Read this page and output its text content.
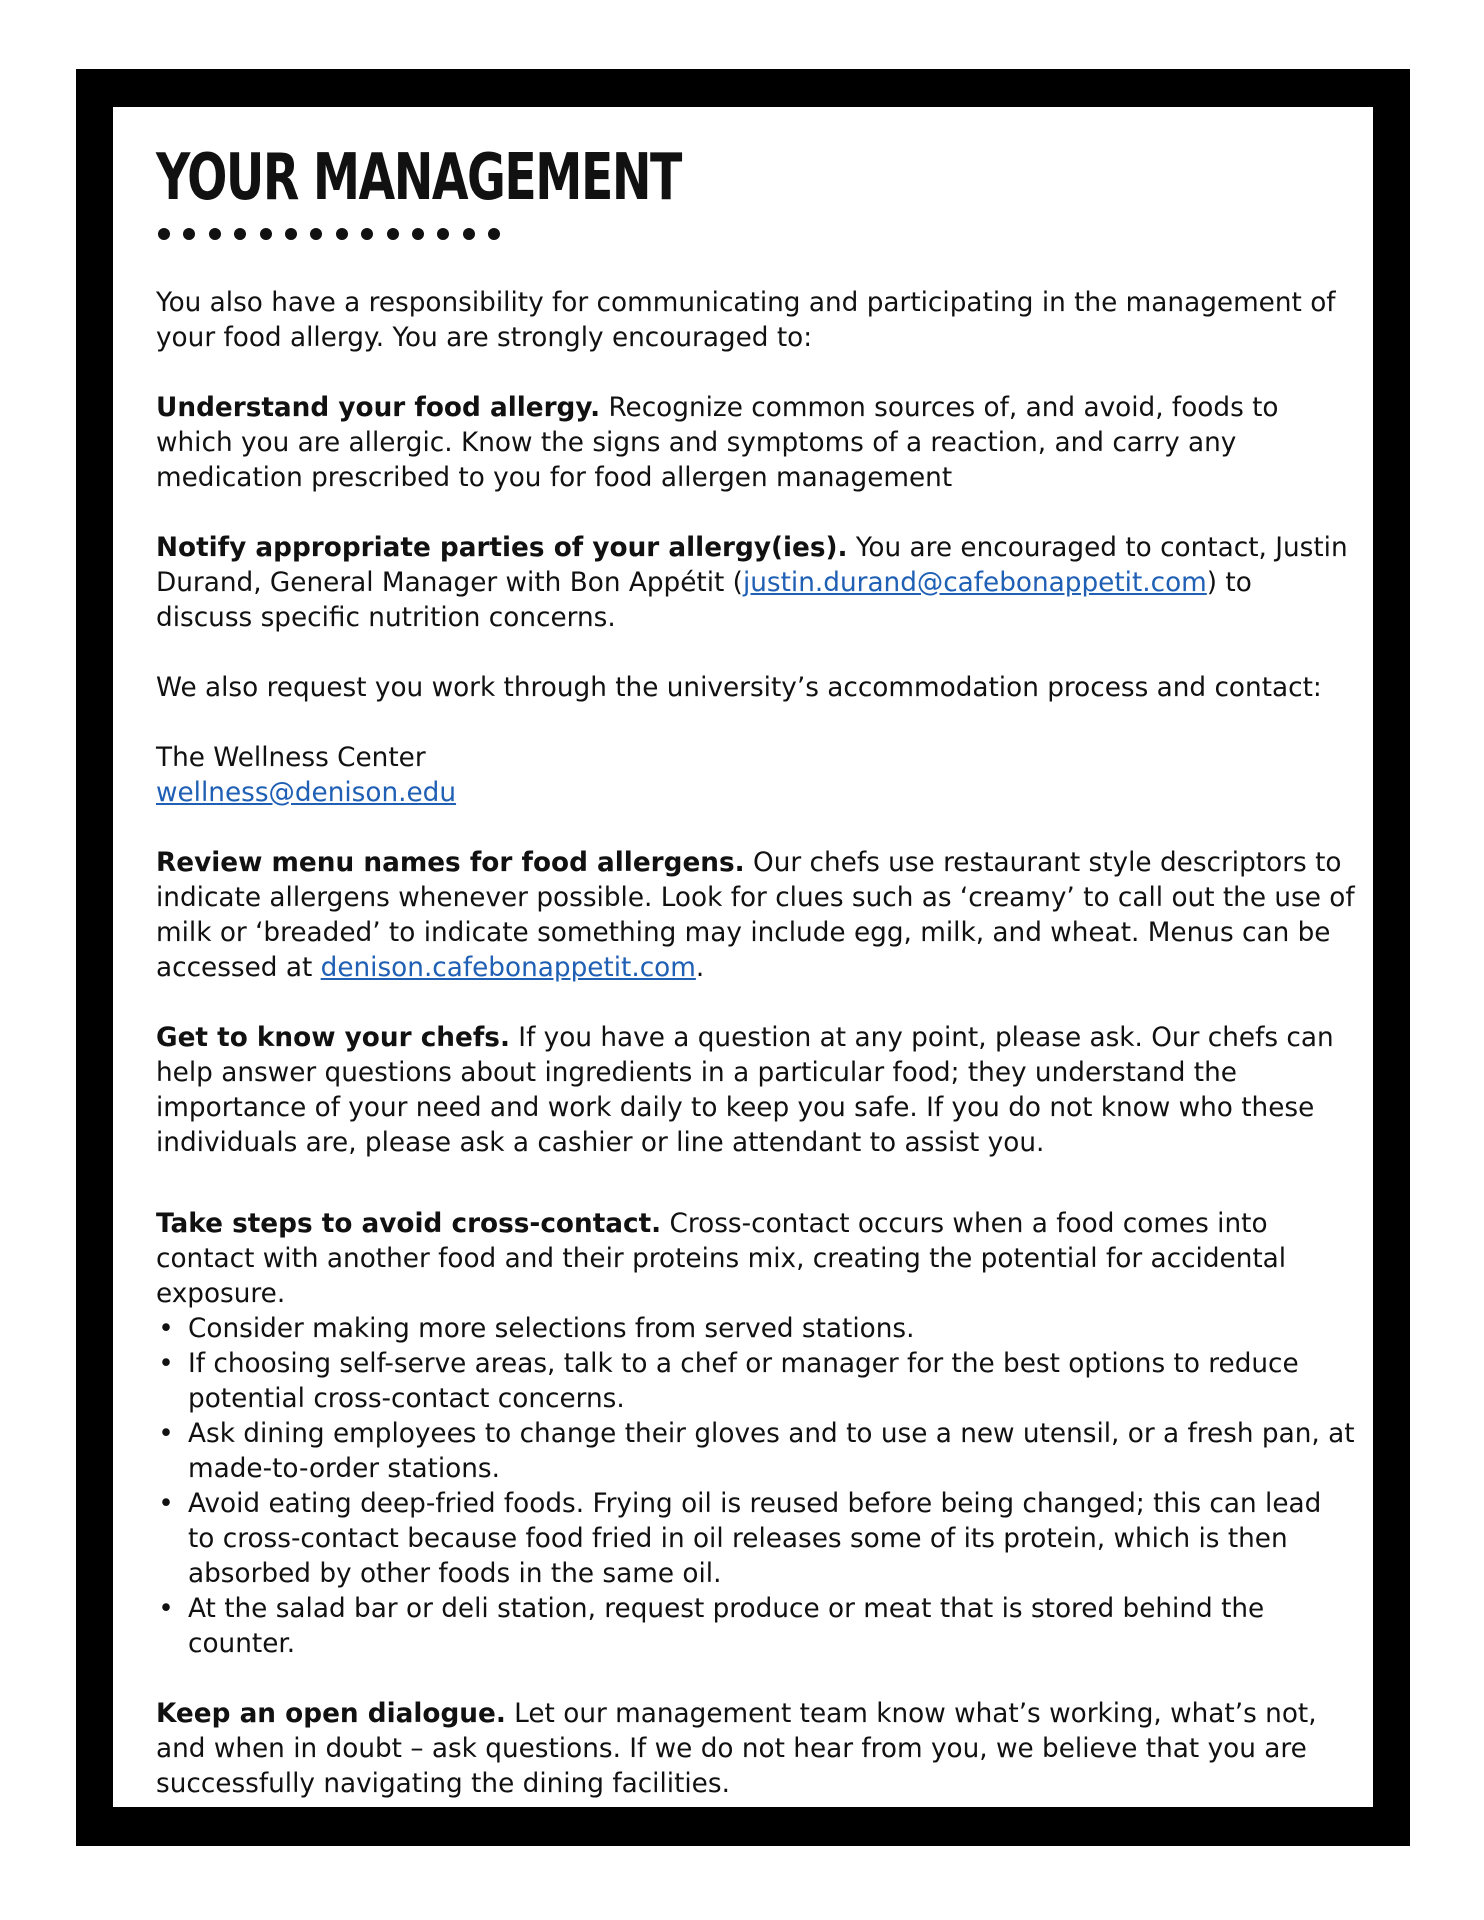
YOUR MANAGEMENT

You also have a responsibility for communicating and participating in the management of your food allergy. You are strongly encouraged to:

Understand your food allergy. Recognize common sources of, and avoid, foods to which you are allergic. Know the signs and symptoms of a reaction, and carry any medication prescribed to you for food allergen management

Notify appropriate parties of your allergy(ies). You are encouraged to contact, Justin Durand, General Manager with Bon Appétit (justin.durand@cafebonappetit.com) to discuss specific nutrition concerns.

We also request you work through the university’s accommodation process and contact:

The Wellness Center

wellness@denison.edu

Review menu names for food allergens. Our chefs use restaurant style descriptors to indicate allergens whenever possible. Look for clues such as ‘creamy’ to call out the use of milk or ‘breaded’ to indicate something may include egg, milk, and wheat. Menus can be accessed at denison.cafebonappetit.com.

Get to know your chefs. If you have a question at any point, please ask. Our chefs can help answer questions about ingredients in a particular food; they understand the importance of your need and work daily to keep you safe. If you do not know who these individuals are, please ask a cashier or line attendant to assist you.

Take steps to avoid cross-contact. Cross-contact occurs when a food comes into contact with another food and their proteins mix, creating the potential for accidental exposure.

• Consider making more selections from served stations.
• If choosing self-serve areas, talk to a chef or manager for the best options to reduce potential cross-contact concerns.
• Ask dining employees to change their gloves and to use a new utensil, or a fresh pan, at made-to-order stations.
• Avoid eating deep-fried foods. Frying oil is reused before being changed; this can lead to cross-contact because food fried in oil releases some of its protein, which is then absorbed by other foods in the same oil.
• At the salad bar or deli station, request produce or meat that is stored behind the counter.

Keep an open dialogue. Let our management team know what’s working, what’s not, and when in doubt – ask questions. If we do not hear from you, we believe that you are successfully navigating the dining facilities.
